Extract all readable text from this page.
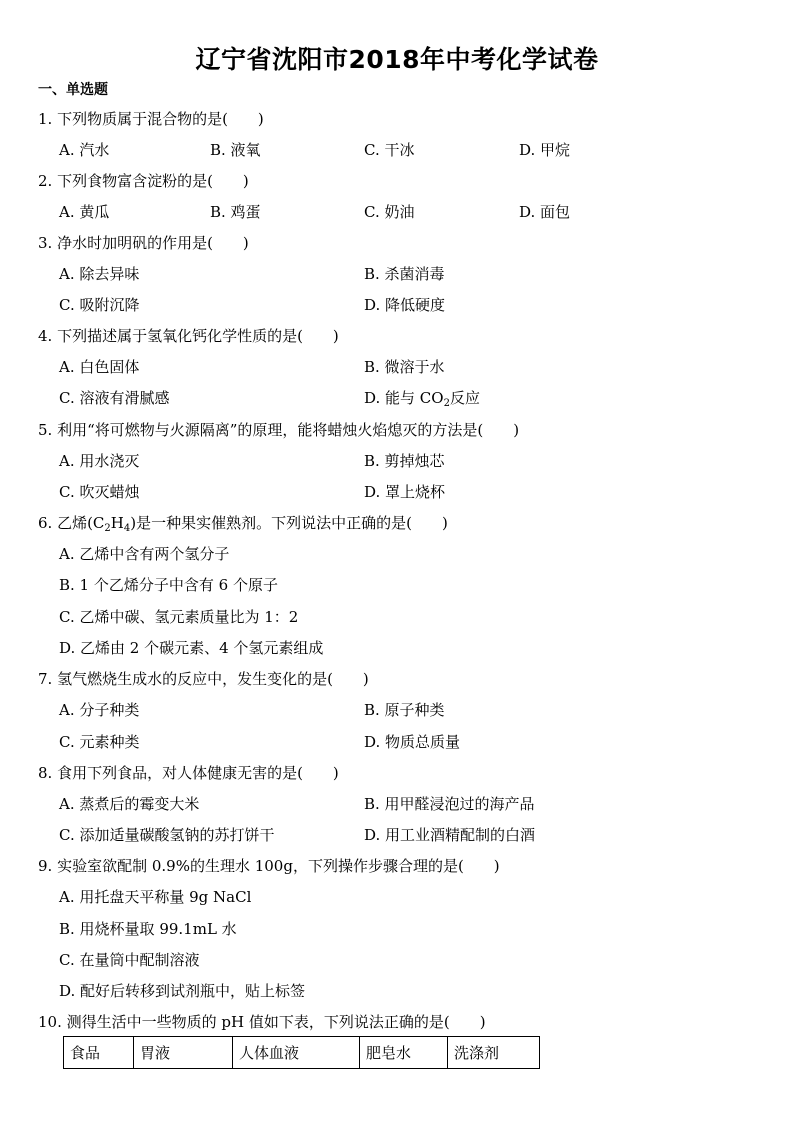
辽宁省沈阳市2018年中考化学试卷
一、单选题
1. 下列物质属于混合物的是(　　)
A. 汽水	B. 液氧	C. 干冰	D. 甲烷
2. 下列食物富含淀粉的是(　　)
A. 黄瓜	B. 鸡蛋	C. 奶油	D. 面包
3. 净水时加明矾的作用是(　　)
A. 除去异味	B. 杀菌消毒
C. 吸附沉降	D. 降低硬度
4. 下列描述属于氢氧化钙化学性质的是(　　)
A. 白色固体	B. 微溶于水
C. 溶液有滑腻感	D. 能与 $CO_2$反应
5. 利用“将可燃物与火源隔离”的原理，能将蜡烛火焰熄灭的方法是(　　)
A. 用水浇灭	B. 剪掉烛芯
C. 吹灭蜡烛	D. 罩上烧杯
6. 乙烯$(C_2H_4)$是一种果实催熟剂。下列说法中正确的是(　　)
A. 乙烯中含有两个氢分子
B. 1 个乙烯分子中含有 6 个原子
C. 乙烯中碳、氢元素质量比为 1：2
D. 乙烯由 2 个碳元素、4 个氢元素组成
7. 氢气燃烧生成水的反应中，发生变化的是(　　)
A. 分子种类	B. 原子种类
C. 元素种类	D. 物质总质量
8. 食用下列食品，对人体健康无害的是(　　)
A. 蒸煮后的霉变大米	B. 用甲醛浸泡过的海产品
C. 添加适量碳酸氢钠的苏打饼干	D. 用工业酒精配制的白酒
9. 实验室欲配制 0.9%的生理水 100g，下列操作步骤合理的是(　　)
A. 用托盘天平称量 9g NaCl
B. 用烧杯量取 99.1mL 水
C. 在量筒中配制溶液
D. 配好后转移到试剂瓶中，贴上标签
10. 测得生活中一些物质的 pH 值如下表，下列说法正确的是(　　)
食品	胃液	人体血液	肥皂水	洗涤剂
